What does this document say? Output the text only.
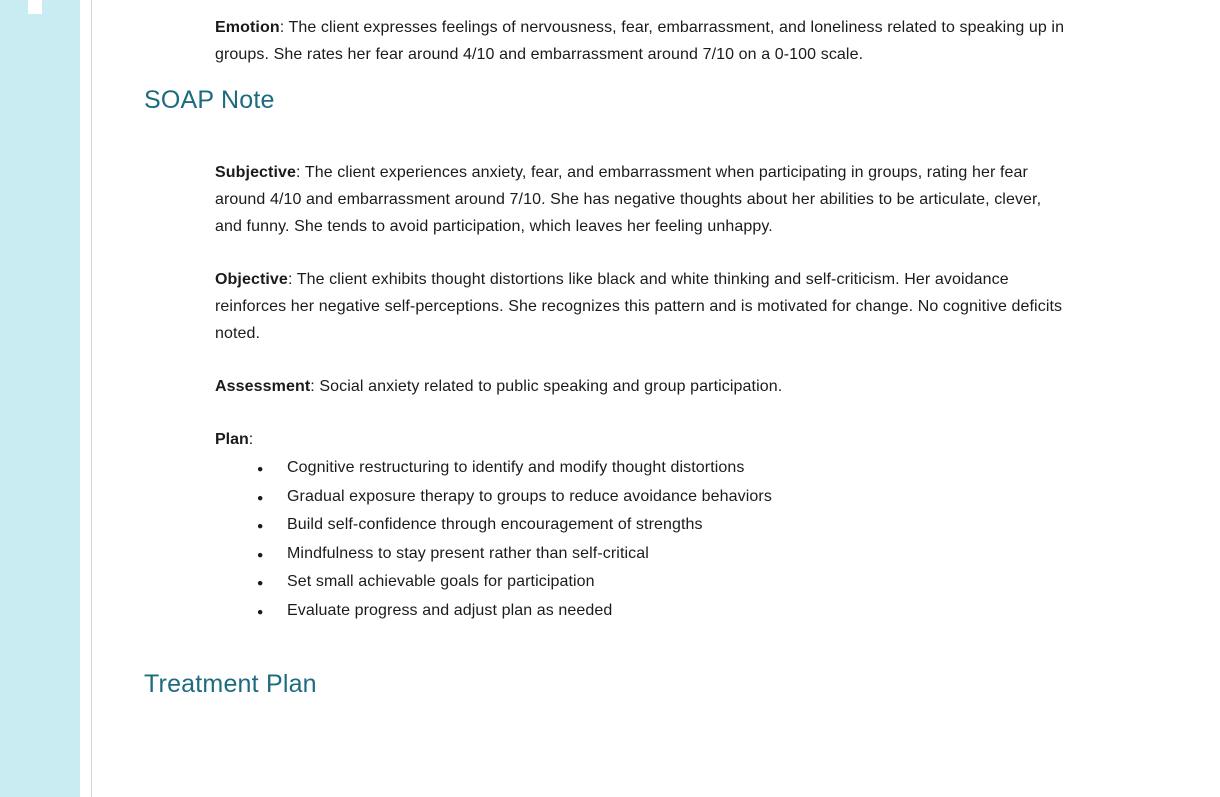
Emotion: The client expresses feelings of nervousness, fear, embarrassment, and loneliness related to speaking up in groups. She rates her fear around 4/10 and embarrassment around 7/10 on a 0-100 scale.

SOAP Note

Subjective: The client experiences anxiety, fear, and embarrassment when participating in groups, rating her fear around 4/10 and embarrassment around 7/10. She has negative thoughts about her abilities to be articulate, clever, and funny. She tends to avoid participation, which leaves her feeling unhappy.

Objective: The client exhibits thought distortions like black and white thinking and self-criticism. Her avoidance reinforces her negative self-perceptions. She recognizes this pattern and is motivated for change. No cognitive deficits noted.

Assessment: Social anxiety related to public speaking and group participation.

Plan:

● Cognitive restructuring to identify and modify thought distortions
● Gradual exposure therapy to groups to reduce avoidance behaviors
● Build self-confidence through encouragement of strengths
● Mindfulness to stay present rather than self-critical
● Set small achievable goals for participation
● Evaluate progress and adjust plan as needed
Treatment Plan
